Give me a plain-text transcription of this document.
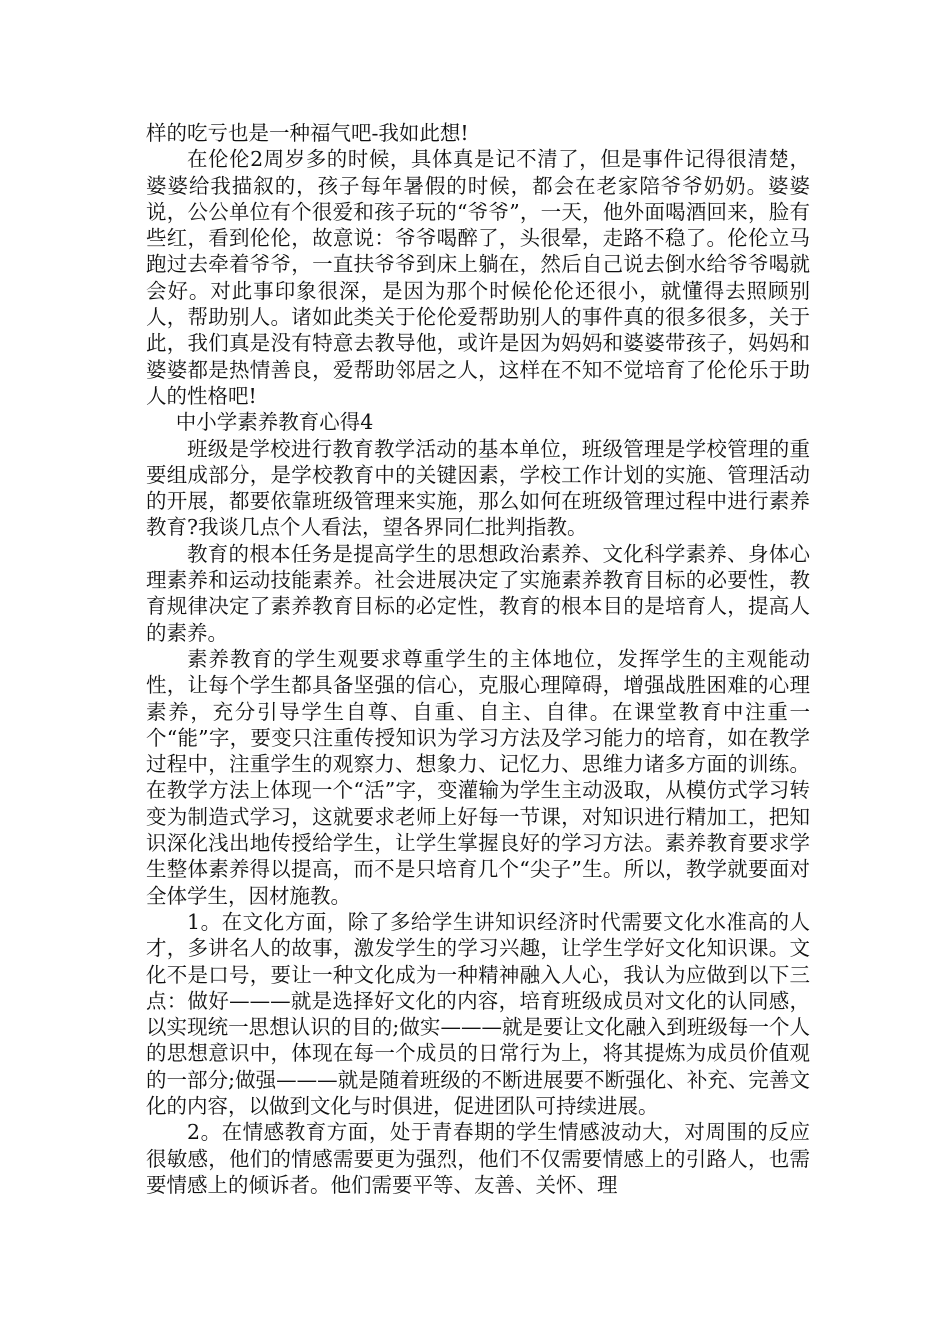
样的吃亏也是一种福气吧-我如此想!

在伦伦2周岁多的时候，具体真是记不清了，但是事件记得很清楚，婆婆给我描叙的，孩子每年暑假的时候，都会在老家陪爷爷奶奶。婆婆说，公公单位有个很爱和孩子玩的“爷爷”，一天，他外面喝酒回来，脸有些红，看到伦伦，故意说：爷爷喝醉了，头很晕，走路不稳了。伦伦立马跑过去牵着爷爷，一直扶爷爷到床上躺在，然后自己说去倒水给爷爷喝就会好。对此事印象很深，是因为那个时候伦伦还很小，就懂得去照顾别人，帮助别人。诸如此类关于伦伦爱帮助别人的事件真的很多很多，关于此，我们真是没有特意去教导他，或许是因为妈妈和婆婆带孩子，妈妈和婆婆都是热情善良，爱帮助邻居之人，这样在不知不觉培育了伦伦乐于助人的性格吧!

中小学素养教育心得4

班级是学校进行教育教学活动的基本单位，班级管理是学校管理的重要组成部分，是学校教育中的关键因素，学校工作计划的实施、管理活动的开展，都要依靠班级管理来实施，那么如何在班级管理过程中进行素养教育?我谈几点个人看法，望各界同仁批判指教。

教育的根本任务是提高学生的思想政治素养、文化科学素养、身体心理素养和运动技能素养。社会进展决定了实施素养教育目标的必要性，教育规律决定了素养教育目标的必定性，教育的根本目的是培育人，提高人的素养。

素养教育的学生观要求尊重学生的主体地位，发挥学生的主观能动性，让每个学生都具备坚强的信心，克服心理障碍，增强战胜困难的心理素养，充分引导学生自尊、自重、自主、自律。在课堂教育中注重一个“能”字，要变只注重传授知识为学习方法及学习能力的培育，如在教学过程中，注重学生的观察力、想象力、记忆力、思维力诸多方面的训练。在教学方法上体现一个“活”字，变灌输为学生主动汲取，从模仿式学习转变为制造式学习，这就要求老师上好每一节课，对知识进行精加工，把知识深化浅出地传授给学生，让学生掌握良好的学习方法。素养教育要求学生整体素养得以提高，而不是只培育几个“尖子”生。所以，教学就要面对全体学生，因材施教。

1。在文化方面，除了多给学生讲知识经济时代需要文化水准高的人才，多讲名人的故事，激发学生的学习兴趣，让学生学好文化知识课。文化不是口号，要让一种文化成为一种精神融入人心，我认为应做到以下三点：做好———就是选择好文化的内容，培育班级成员对文化的认同感，以实现统一思想认识的目的;做实———就是要让文化融入到班级每一个人的思想意识中，体现在每一个成员的日常行为上，将其提炼为成员价值观的一部分;做强———就是随着班级的不断进展要不断强化、补充、完善文化的内容，以做到文化与时俱进，促进团队可持续进展。

2。在情感教育方面，处于青春期的学生情感波动大，对周围的反应很敏感，他们的情感需要更为强烈，他们不仅需要情感上的引路人，也需要情感上的倾诉者。他们需要平等、友善、关怀、理
